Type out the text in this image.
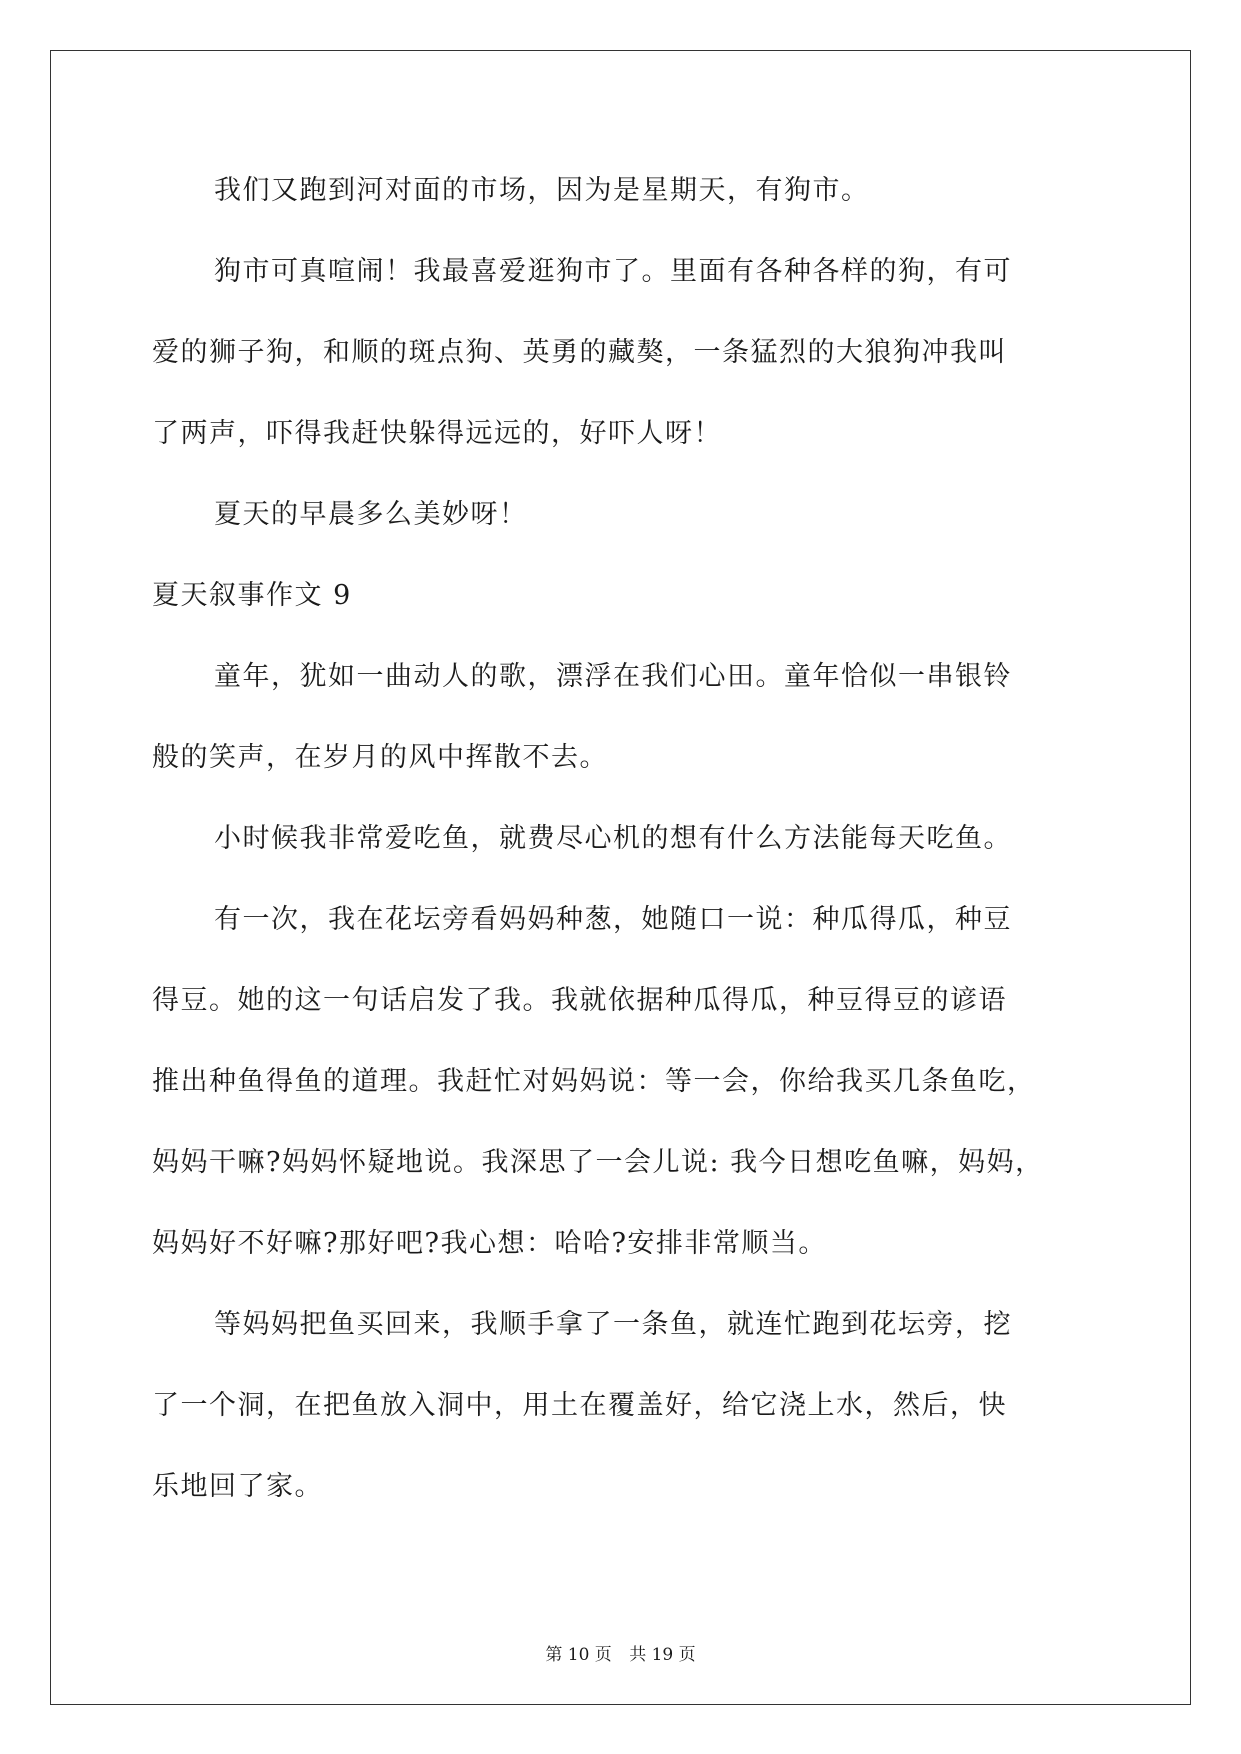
我们又跑到河对面的市场，因为是星期天，有狗市。
狗市可真喧闹！我最喜爱逛狗市了。里面有各种各样的狗，有可
爱的狮子狗，和顺的斑点狗、英勇的藏獒，一条猛烈的大狼狗冲我叫
了两声，吓得我赶快躲得远远的，好吓人呀！
夏天的早晨多么美妙呀！
夏天叙事作文 9
童年，犹如一曲动人的歌，漂浮在我们心田。童年恰似一串银铃
般的笑声，在岁月的风中挥散不去。
小时候我非常爱吃鱼，就费尽心机的想有什么方法能每天吃鱼。
有一次，我在花坛旁看妈妈种葱，她随口一说：种瓜得瓜，种豆
得豆。她的这一句话启发了我。我就依据种瓜得瓜，种豆得豆的谚语
推出种鱼得鱼的道理。我赶忙对妈妈说：等一会，你给我买几条鱼吃，
妈妈干嘛?妈妈怀疑地说。我深思了一会儿说: 我今日想吃鱼嘛，妈妈，
妈妈好不好嘛?那好吧?我心想：哈哈?安排非常顺当。
等妈妈把鱼买回来，我顺手拿了一条鱼，就连忙跑到花坛旁，挖
了一个洞，在把鱼放入洞中，用土在覆盖好，给它浇上水，然后，快
乐地回了家。
第 10 页 共 19 页
